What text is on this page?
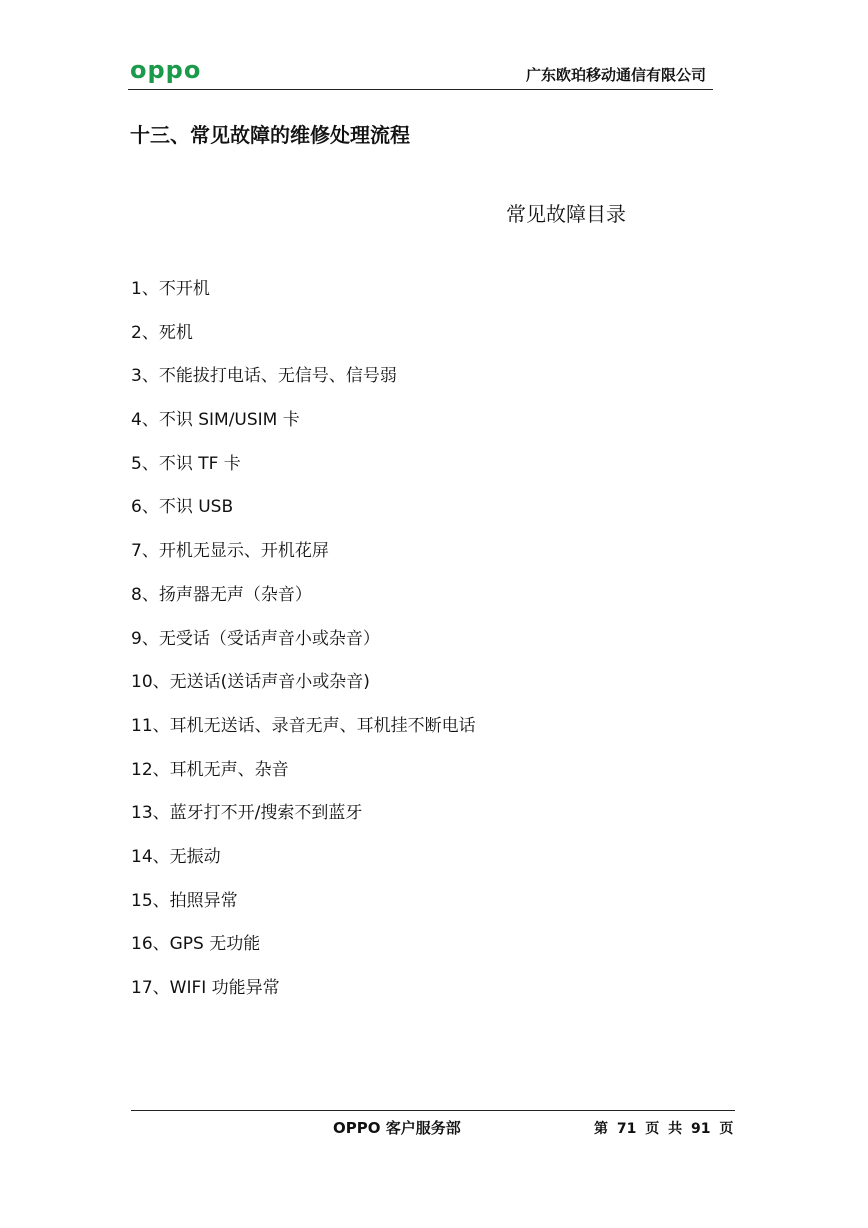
oppo	广东欧珀移动通信有限公司
十三、常见故障的维修处理流程
常见故障目录
1、不开机
2、死机
3、不能拔打电话、无信号、信号弱
4、不识 SIM/USIM 卡
5、不识 TF 卡
6、不识 USB
7、开机无显示、开机花屏
8、扬声器无声（杂音）
9、无受话（受话声音小或杂音）
10、无送话(送话声音小或杂音)
11、耳机无送话、录音无声、耳机挂不断电话
12、耳机无声、杂音
13、蓝牙打不开/搜索不到蓝牙
14、无振动
15、拍照异常
16、GPS 无功能
17、WIFI 功能异常
OPPO 客户服务部	第 71 页 共 91 页
